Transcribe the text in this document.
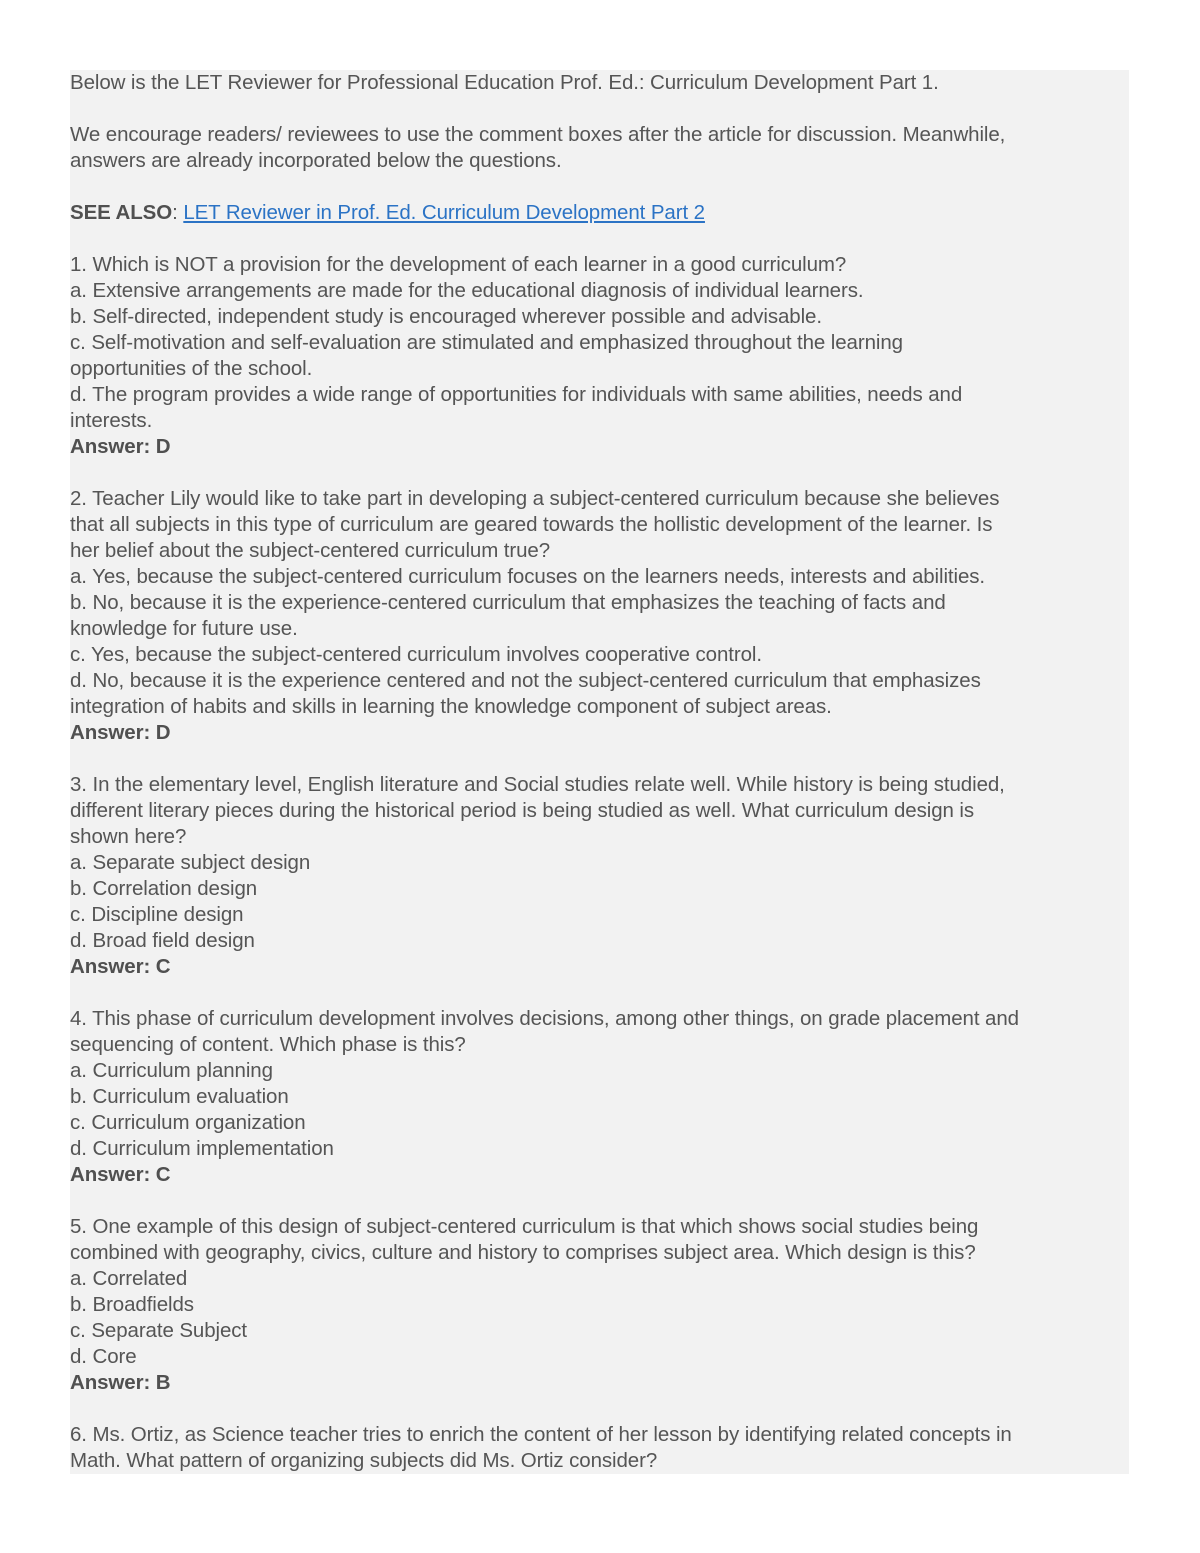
Below is the LET Reviewer for Professional Education Prof. Ed.: Curriculum Development Part 1.
We encourage readers/ reviewees to use the comment boxes after the article for discussion. Meanwhile,
answers are already incorporated below the questions.
SEE ALSO: LET Reviewer in Prof. Ed. Curriculum Development Part 2
1. Which is NOT a provision for the development of each learner in a good curriculum?
a. Extensive arrangements are made for the educational diagnosis of individual learners.
b. Self-directed, independent study is encouraged wherever possible and advisable.
c. Self-motivation and self-evaluation are stimulated and emphasized throughout the learning
opportunities of the school.
d. The program provides a wide range of opportunities for individuals with same abilities, needs and
interests.
Answer: D
2. Teacher Lily would like to take part in developing a subject-centered curriculum because she believes
that all subjects in this type of curriculum are geared towards the hollistic development of the learner. Is
her belief about the subject-centered curriculum true?
a. Yes, because the subject-centered curriculum focuses on the learners needs, interests and abilities.
b. No, because it is the experience-centered curriculum that emphasizes the teaching of facts and
knowledge for future use.
c. Yes, because the subject-centered curriculum involves cooperative control.
d. No, because it is the experience centered and not the subject-centered curriculum that emphasizes
integration of habits and skills in learning the knowledge component of subject areas.
Answer: D
3. In the elementary level, English literature and Social studies relate well. While history is being studied,
different literary pieces during the historical period is being studied as well. What curriculum design is
shown here?
a. Separate subject design
b. Correlation design
c. Discipline design
d. Broad field design
Answer: C
4. This phase of curriculum development involves decisions, among other things, on grade placement and
sequencing of content. Which phase is this?
a. Curriculum planning
b. Curriculum evaluation
c. Curriculum organization
d. Curriculum implementation
Answer: C
5. One example of this design of subject-centered curriculum is that which shows social studies being
combined with geography, civics, culture and history to comprises subject area. Which design is this?
a. Correlated
b. Broadfields
c. Separate Subject
d. Core
Answer: B
6. Ms. Ortiz, as Science teacher tries to enrich the content of her lesson by identifying related concepts in
Math. What pattern of organizing subjects did Ms. Ortiz consider?
